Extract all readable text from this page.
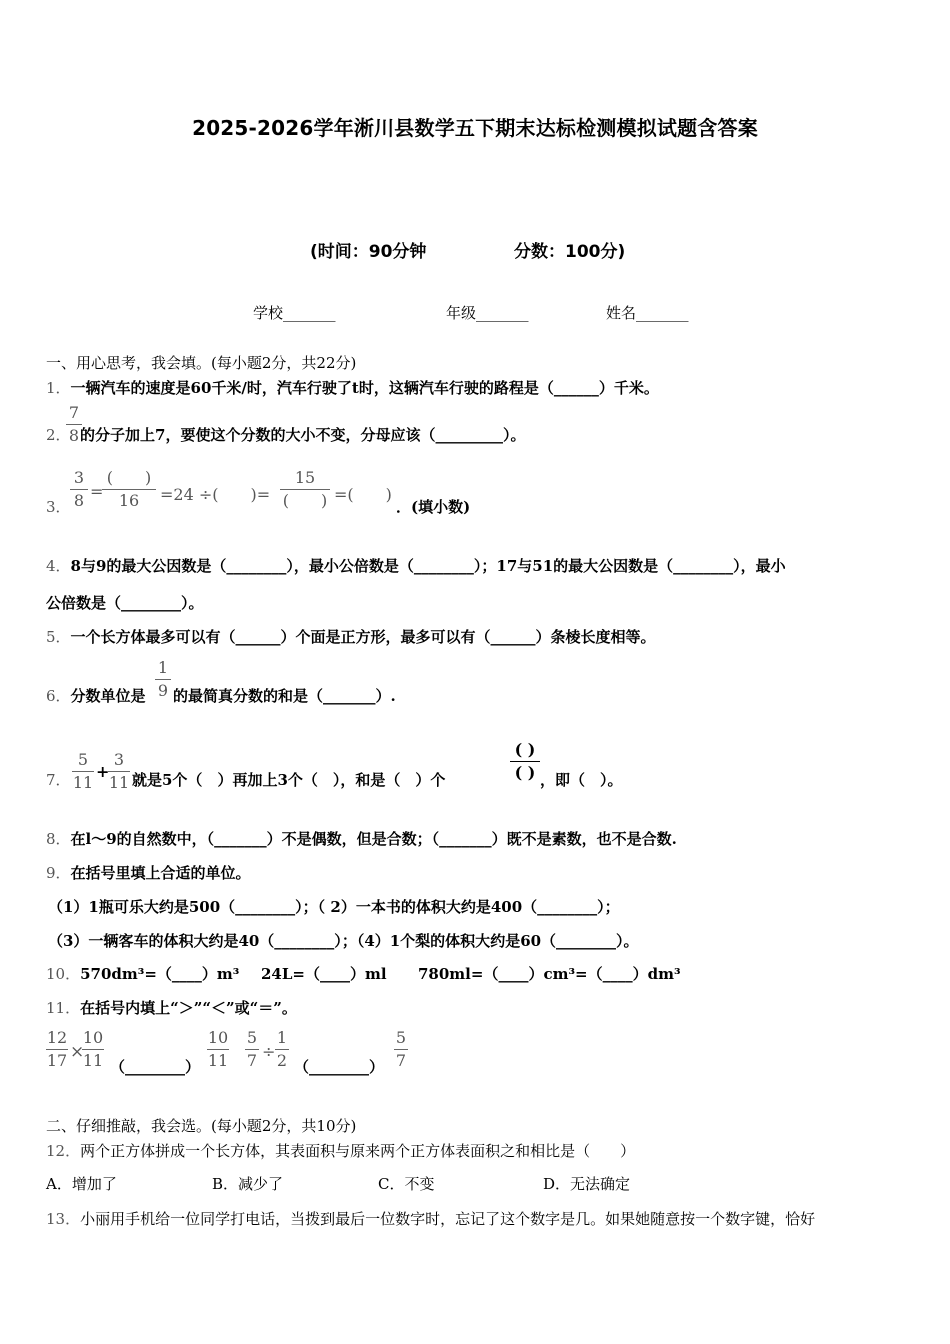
2025-2026学年淅川县数学五下期末达标检测模拟试题含答案
(时间：90分钟	分数：100分)
学校_______	年级_______	姓名_______
一、用心思考，我会填。(每小题2分，共22分)
1．一辆汽车的速度是60千米/时，汽车行驶了t时，这辆汽车行驶的路程是（______）千米。
2．
7
8 的分子加上7，要使这个分数的大小不变，分母应该（_________）。
3．
3
8 =
(　　)
16	=24 ÷(　　)=
15
(　　) =(　　)
．(填小数)
4．8与9的最大公因数是（________），最小公倍数是（________）；17与51的最大公因数是（________），最小
公倍数是（________）。
5．一个长方体最多可以有（______）个面是正方形，最多可以有（______）条棱长度相等。
6．分数单位是
1
9 的最简真分数的和是（_______）.
7．
5
11
+
3
11 就是5个（　）再加上3个（　），和是（　）个
( )
( ) ，即（　）。
8．在l～9的自然数中，（_______）不是偶数，但是合数；（_______）既不是素数，也不是合数.
9．在括号里填上合适的单位。
（1）1瓶可乐大约是500（________）；（ 2）一本书的体积大约是400（________）；
（3）一辆客车的体积大约是40（________）；（4）1个梨的体积大约是60（________）。
10．570dm³=（____）m³ 24L=（____）ml 780ml=（____）cm³=（____）dm³
11．在括号内填上“＞”“＜”或“＝”。
12
17 ×
10
11 （________）
10
11
5
7 ÷
1
2 （________）
5
7
二、仔细推敲，我会选。(每小题2分，共10分)
12．两个正方体拼成一个长方体，其表面积与原来两个正方体表面积之和相比是（　　）
A．增加了	B．减少了	C．不变	D．无法确定
13．小丽用手机给一位同学打电话，当拨到最后一位数字时，忘记了这个数字是几。如果她随意按一个数字键，恰好
